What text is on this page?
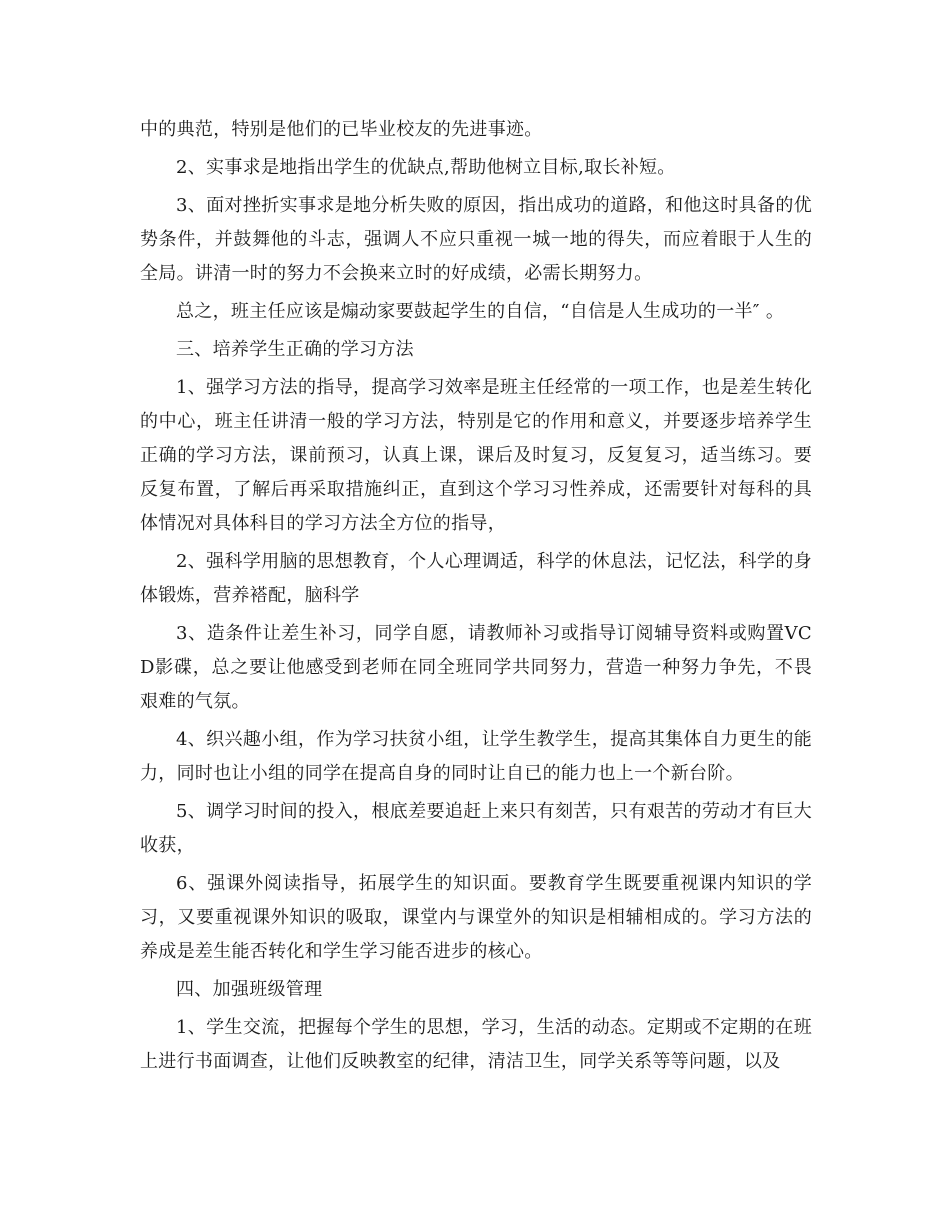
中的典范，特别是他们的已毕业校友的先进事迹。

2、实事求是地指出学生的优缺点,帮助他树立目标,取长补短。

3、面对挫折实事求是地分析失败的原因，指出成功的道路，和他这时具备的优势条件，并鼓舞他的斗志，强调人不应只重视一城一地的得失，而应着眼于人生的全局。讲清一时的努力不会换来立时的好成绩，必需长期努力。

总之，班主任应该是煽动家要鼓起学生的自信，“自信是人生成功的一半″ 。

三、培养学生正确的学习方法

1、强学习方法的指导，提高学习效率是班主任经常的一项工作，也是差生转化的中心，班主任讲清一般的学习方法，特别是它的作用和意义，并要逐步培养学生正确的学习方法，课前预习，认真上课，课后及时复习，反复复习，适当练习。要反复布置，了解后再采取措施纠正，直到这个学习习性养成，还需要针对每科的具体情况对具体科目的学习方法全方位的指导，

2、强科学用脑的思想教育，个人心理调适，科学的休息法，记忆法，科学的身体锻炼，营养褡配，脑科学

3、造条件让差生补习，同学自愿，请教师补习或指导订阅辅导资料或购置VCD影碟，总之要让他感受到老师在同全班同学共同努力，营造一种努力争先，不畏艰难的气氛。

4、织兴趣小组，作为学习扶贫小组，让学生教学生，提高其集体自力更生的能力，同时也让小组的同学在提高自身的同时让自已的能力也上一个新台阶。

5、调学习时间的投入，根底差要追赶上来只有刻苦，只有艰苦的劳动才有巨大收获，

6、强课外阅读指导，拓展学生的知识面。要教育学生既要重视课内知识的学习，又要重视课外知识的吸取，课堂内与课堂外的知识是相辅相成的。学习方法的养成是差生能否转化和学生学习能否进步的核心。

四、加强班级管理

1、学生交流，把握每个学生的思想，学习，生活的动态。定期或不定期的在班上进行书面调查，让他们反映教室的纪律，清洁卫生，同学关系等等问题，以及
